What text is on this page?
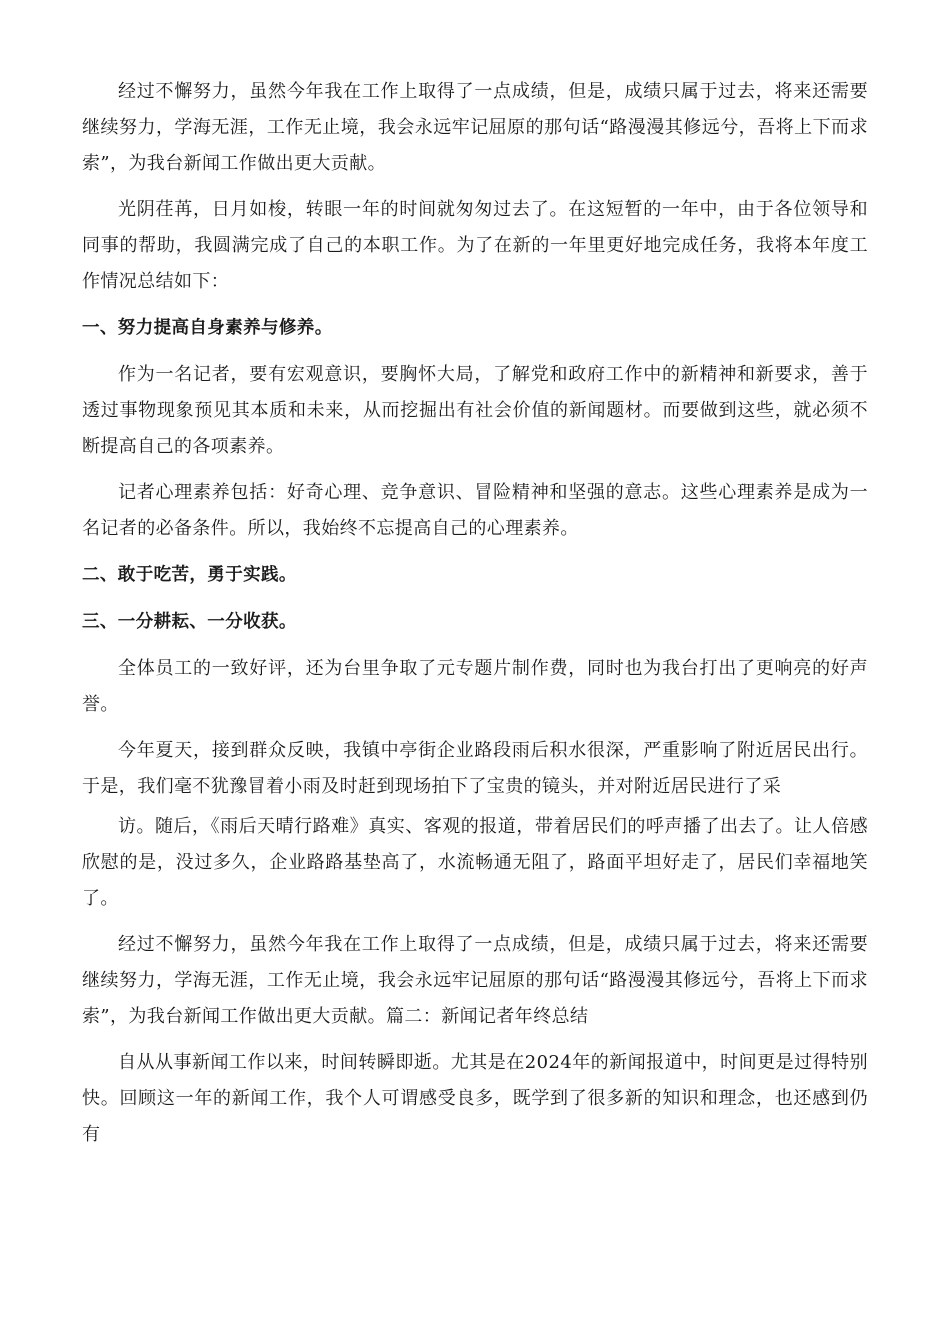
经过不懈努力，虽然今年我在工作上取得了一点成绩，但是，成绩只属于过去，将来还需要继续努力，学海无涯，工作无止境，我会永远牢记屈原的那句话“路漫漫其修远兮，吾将上下而求索”，为我台新闻工作做出更大贡献。

光阴荏苒，日月如梭，转眼一年的时间就匆匆过去了。在这短暂的一年中，由于各位领导和同事的帮助，我圆满完成了自己的本职工作。为了在新的一年里更好地完成任务，我将本年度工作情况总结如下：

一、努力提高自身素养与修养。

作为一名记者，要有宏观意识，要胸怀大局，了解党和政府工作中的新精神和新要求，善于透过事物现象预见其本质和未来，从而挖掘出有社会价值的新闻题材。而要做到这些，就必须不断提高自己的各项素养。

记者心理素养包括：好奇心理、竞争意识、冒险精神和坚强的意志。这些心理素养是成为一名记者的必备条件。所以，我始终不忘提高自己的心理素养。

二、敢于吃苦，勇于实践。

三、一分耕耘、一分收获。

全体员工的一致好评，还为台里争取了元专题片制作费，同时也为我台打出了更响亮的好声誉。

今年夏天，接到群众反映，我镇中亭街企业路段雨后积水很深，严重影响了附近居民出行。于是，我们毫不犹豫冒着小雨及时赶到现场拍下了宝贵的镜头，并对附近居民进行了采

访。随后，《雨后天晴行路难》真实、客观的报道，带着居民们的呼声播了出去了。让人倍感欣慰的是，没过多久，企业路路基垫高了，水流畅通无阻了，路面平坦好走了，居民们幸福地笑了。

经过不懈努力，虽然今年我在工作上取得了一点成绩，但是，成绩只属于过去，将来还需要继续努力，学海无涯，工作无止境，我会永远牢记屈原的那句话“路漫漫其修远兮，吾将上下而求索”，为我台新闻工作做出更大贡献。篇二：新闻记者年终总结

自从从事新闻工作以来，时间转瞬即逝。尤其是在2024年的新闻报道中，时间更是过得特别快。回顾这一年的新闻工作，我个人可谓感受良多，既学到了很多新的知识和理念，也还感到仍有
